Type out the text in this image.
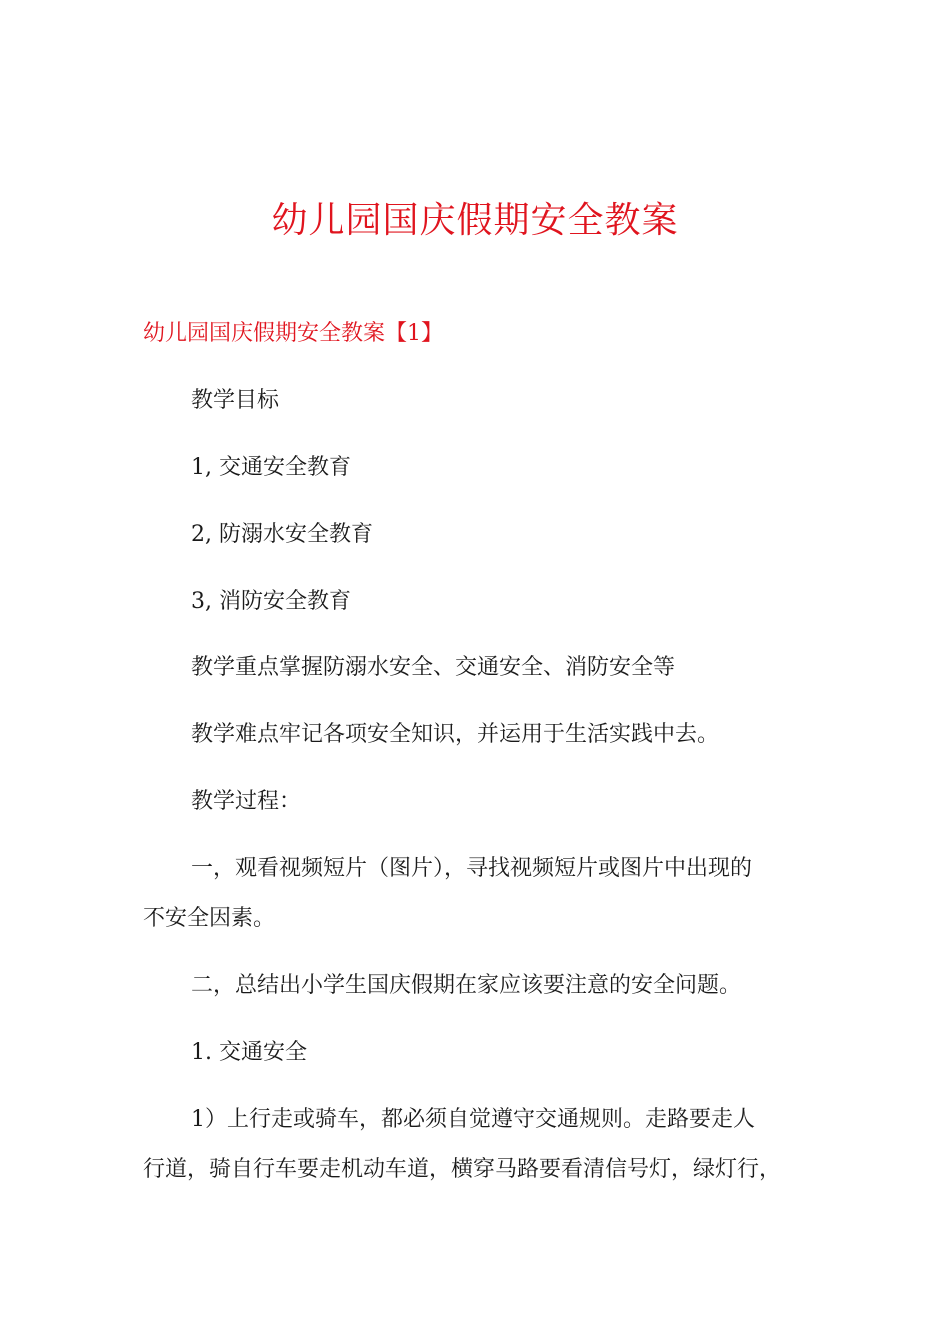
幼儿园国庆假期安全教案
幼儿园国庆假期安全教案【1】
教学目标
1, 交通安全教育
2, 防溺水安全教育
3, 消防安全教育
教学重点掌握防溺水安全、交通安全、消防安全等
教学难点牢记各项安全知识，并运用于生活实践中去。
教学过程：
一，观看视频短片（图片），寻找视频短片或图片中出现的
不安全因素。
二，总结出小学生国庆假期在家应该要注意的安全问题。
1. 交通安全
1）上行走或骑车，都必须自觉遵守交通规则。走路要走人
行道，骑自行车要走机动车道，横穿马路要看清信号灯，绿灯行，
